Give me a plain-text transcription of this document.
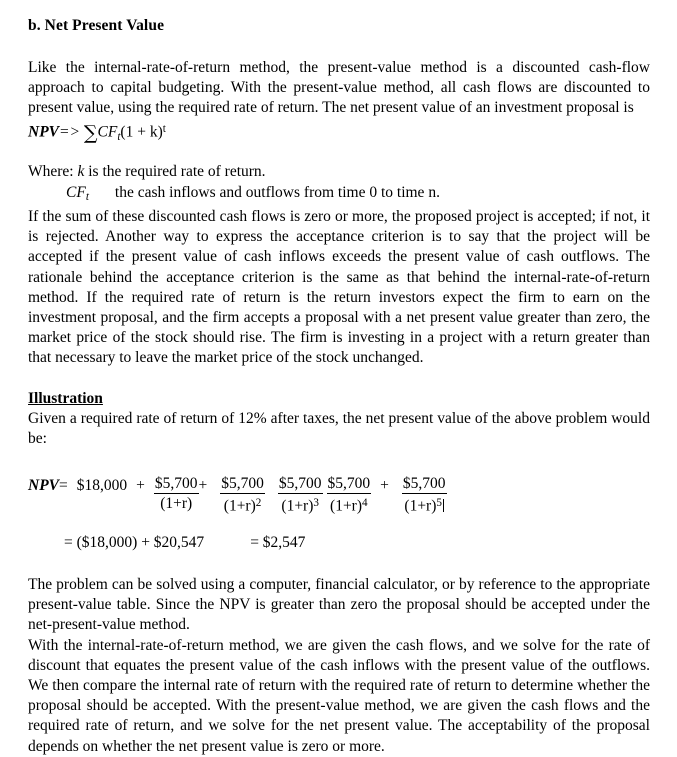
b. Net Present Value

Like the internal-rate-of-return method, the present-value method is a discounted cash-flow approach to capital budgeting. With the present-value method, all cash flows are discounted to present value, using the required rate of return. The net present value of an investment proposal is

$NPV=> \sum CF_t(1 + k)^t$
Where: k is the required rate of return.
$CF_t$ the cash inflows and outflows from time 0 to time n.

If the sum of these discounted cash flows is zero or more, the proposed project is accepted; if not, it is rejected. Another way to express the acceptance criterion is to say that the project will be accepted if the present value of cash inflows exceeds the present value of cash outflows. The rationale behind the acceptance criterion is the same as that behind the internal-rate-of-return method. If the required rate of return is the return investors expect the firm to earn on the investment proposal, and the firm accepts a proposal with a net present value greater than zero, the market price of the stock should rise. The firm is investing in a project with a return greater than that necessary to leave the market price of the stock unchanged.

Illustration

Given a required rate of return of 12% after taxes, the net present value of the above problem would be:

NPV= $18,000 + $\frac{\$5,700}{(1+r)} + \frac{\$5,700}{(1+r)^2} \frac{\$5,700}{(1+r)^3} \frac{\$5,700}{(1+r)^4} + \frac{\$5,700}{(1+r)^5}$
= ($18,000) + $20,547	= $2,547

The problem can be solved using a computer, financial calculator, or by reference to the appropriate present-value table. Since the NPV is greater than zero the proposal should be accepted under the net-present-value method.

With the internal-rate-of-return method, we are given the cash flows, and we solve for the rate of discount that equates the present value of the cash inflows with the present value of the outflows. We then compare the internal rate of return with the required rate of return to determine whether the proposal should be accepted. With the present-value method, we are given the cash flows and the required rate of return, and we solve for the net present value. The acceptability of the proposal depends on whether the net present value is zero or more.
